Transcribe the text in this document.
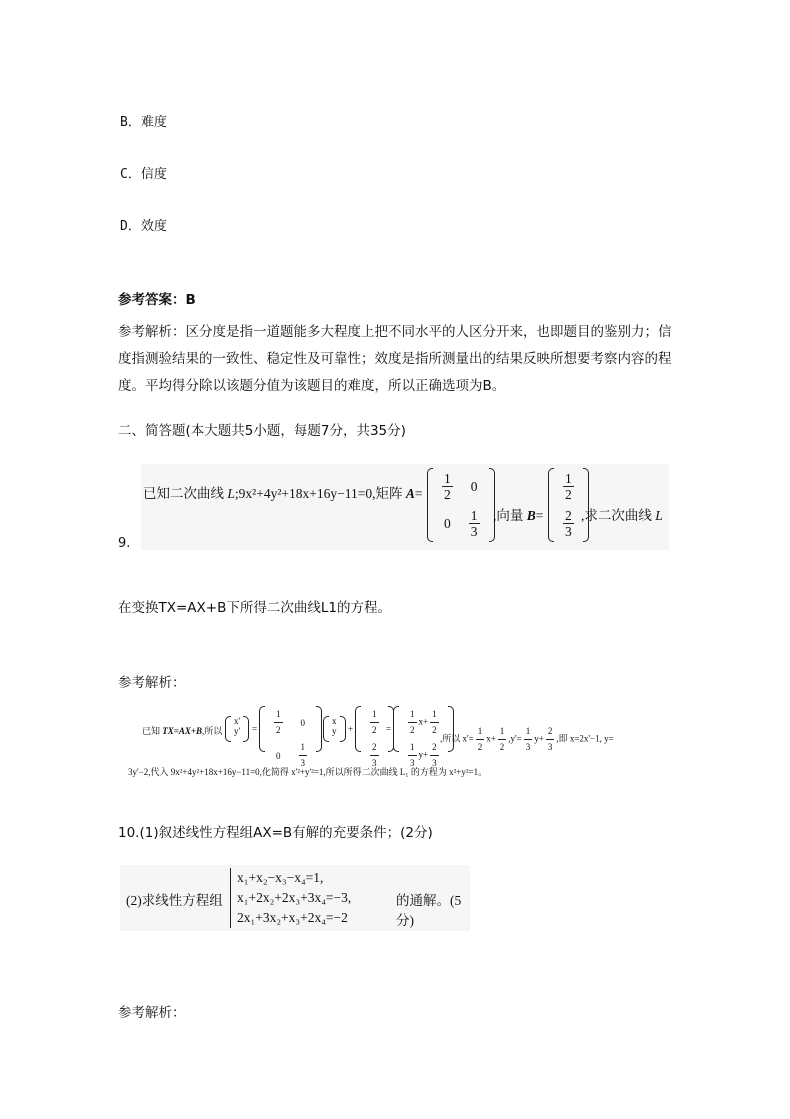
B．难度
C．信度
D．效度
参考答案：B
参考解析：区分度是指一道题能多大程度上把不同水平的人区分开来，也即题目的鉴别力；信度指测验结果的一致性、稳定性及可靠性；效度是指所测量出的结果反映所想要考察内容的程度。平均得分除以该题分值为该题目的难度，所以正确选项为B。
二、简答题(本大题共5小题，每题7分，共35分)
9.
已知二次曲线 L;9x²+4y²+18x+16y−11=0,矩阵 $A= \frac{1}{2}$	0
0	$\frac{1}{3}$ ,向量 B=
$\frac{1}{2}$

$\frac{2}{3}$ ,求二次曲线 L
在变换TX=AX+B下所得二次曲线L1的方程。
参考解析：
已知 TX=AX+B,所以
x'
$y' = \frac{1}{2}$	0
0	$\frac{1}{3}$
x
$y + \frac{1}{2}$

$\frac{2}{3}$
= $\frac{1}{2} x+ \frac{1}{2}$

$\frac{1}{3} y+ \frac{2}{3}$
,所以 $x'= \frac{1}{2} x+ \frac{1}{2} ,y'= \frac{1}{3} y+ \frac{2}{3}$ ,即 x=2x'−1, y=
3y'−2,代入 9x²+4y²+18x+16y−11=0,化简得 x'²+y'²=1,所以所得二次曲线 L₁ 的方程为 x²+y²=1。
10.(1)叙述线性方程组AX=B有解的充要条件；(2分)
(2)求线性方程组
x₁+x₂−x₃−x₄=1,
x₁+2x₂+2x₃+3x₄=−3,
2x₁+3x₂+x₃+2x₄=−2
的通解。(5分)
参考解析：
